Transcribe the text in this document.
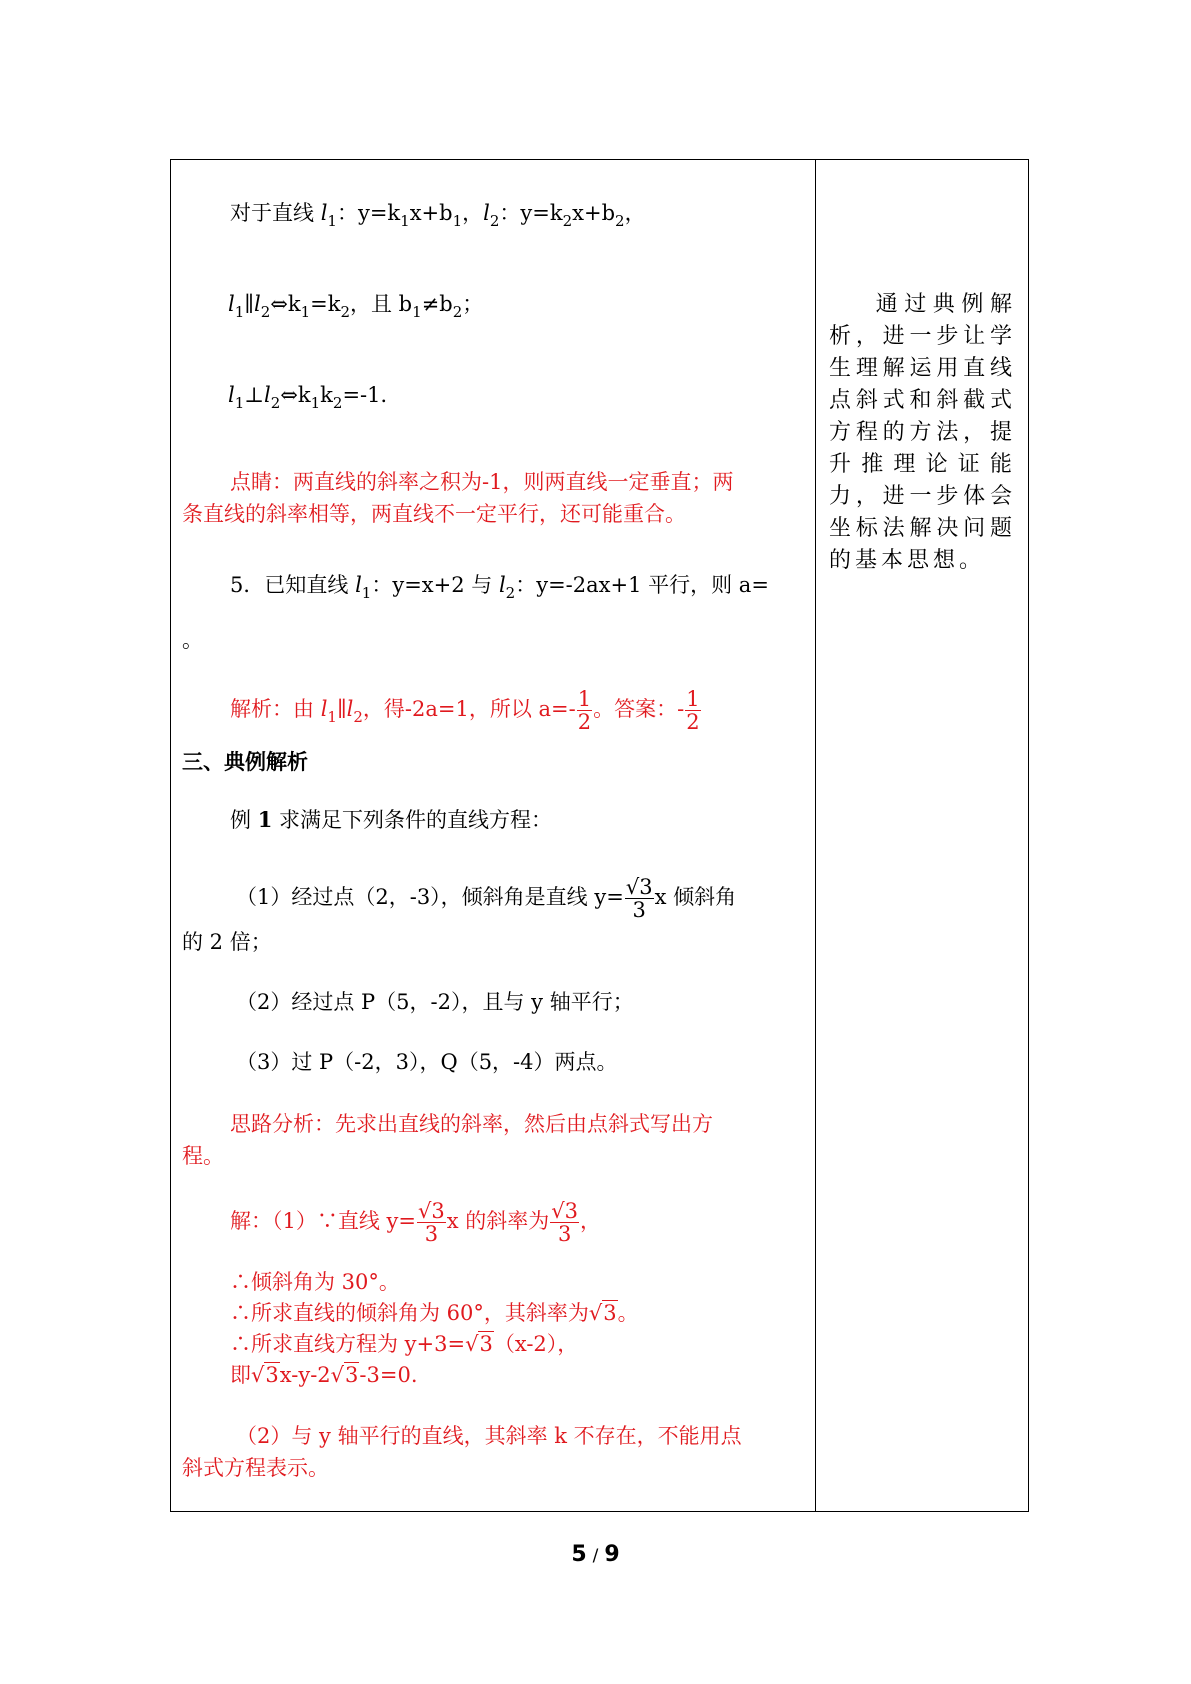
对于直线 $l_1$：$y=k_1x+b_1$，$l_2$：$y=k_2x+b_2$，
$l_1\parallel l_2\Leftrightarrow k_1=k_2$，且 $b_1\ne b_2$；
$l_1\perp l_2\Leftrightarrow k_1k_2=-1$．
点睛：两直线的斜率之积为-1，则两直线一定垂直；两
条直线的斜率相等，两直线不一定平行，还可能重合。
5．已知直线 $l_1$：y=x+2 与 $l_2$：y=-2ax+1 平行，则 a=
。
解析：由 $l_1\parallel l_2$，得-2a=1，所以 $a=- \frac{1}{2}$ 。答案：- $\frac{1}{2}$
三、典例解析
例 1 求满足下列条件的直线方程：
（1）经过点（2，-3），倾斜角是直线 $y= \frac{√3}{3}$ x 倾斜角
的 2 倍；
（2）经过点 P（5，-2），且与 y 轴平行；
（3）过 P（-2，3），Q（5，-4）两点。
思路分析：先求出直线的斜率，然后由点斜式写出方
程。
解：（1）∵直线 $y= \frac{√3}{3}$ x 的斜率为 $\frac{√3}{3}$ ，
∴倾斜角为 30°。
∴所求直线的倾斜角为 60°，其斜率为√3。
∴所求直线方程为 y+3=√3（x-2），
即√3x-y-2√3-3=0.
（2）与 y 轴平行的直线，其斜率 k 不存在，不能用点
斜式方程表示。
通过典例解析，进一步让学生理解运用直线点斜式和斜截式方程的方法，提升推理论证能力，进一步体会坐标法解决问题的基本思想。
5 / 9
